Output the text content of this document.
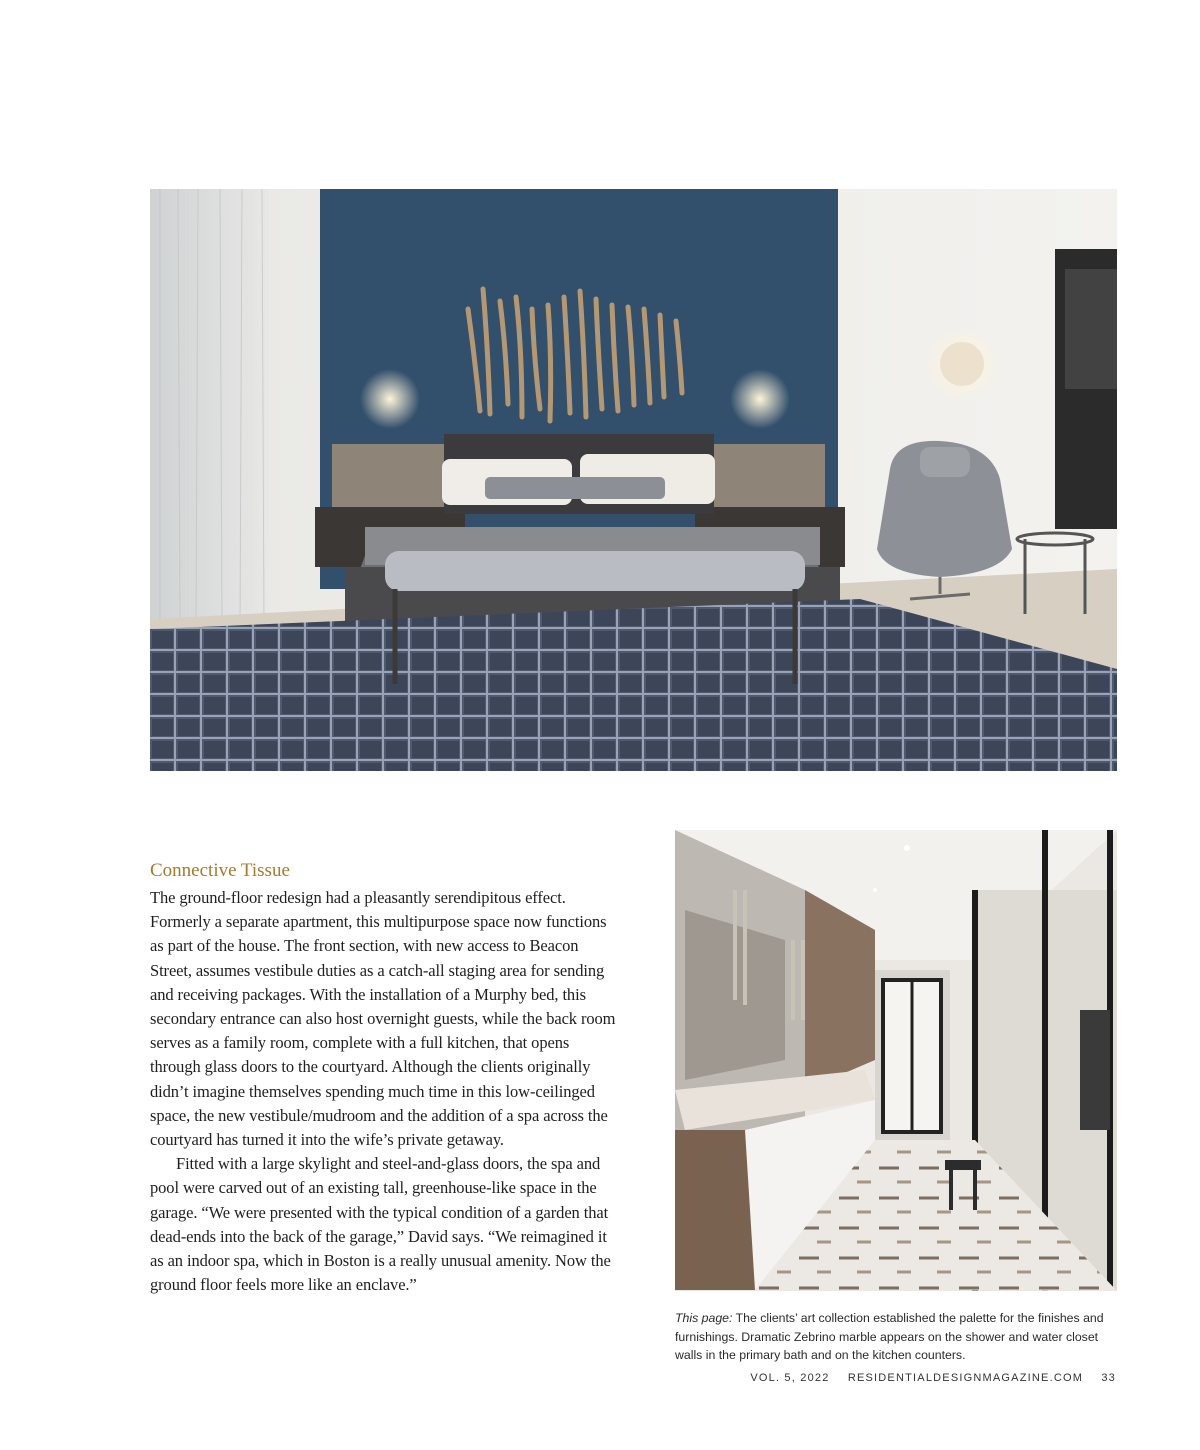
Connective Tissue

The ground-floor redesign had a pleasantly serendipitous effect. Formerly a separate apartment, this multipurpose space now functions as part of the house. The front section, with new access to Beacon Street, assumes vestibule duties as a catch-all staging area for sending and receiving packages. With the installation of a Murphy bed, this secondary entrance can also host overnight guests, while the back room serves as a family room, complete with a full kitchen, that opens through glass doors to the courtyard. Although the clients originally didn’t imagine themselves spending much time in this low-ceilinged space, the new vestibule/mudroom and the addition of a spa across the courtyard has turned it into the wife’s private getaway.

Fitted with a large skylight and steel-and-glass doors, the spa and pool were carved out of an existing tall, greenhouse-like space in the garage. “We were presented with the typical condition of a garden that dead-ends into the back of the garage,” David says. “We reimagined it as an indoor spa, which in Boston is a really unusual amenity. Now the ground floor feels more like an enclave.”

This page: The clients’ art collection established the palette for the finishes and furnishings. Dramatic Zebrino marble appears on the shower and water closet walls in the primary bath and on the kitchen counters.
VOL. 5, 2022 RESIDENTIALDESIGNMAGAZINE.COM 33
